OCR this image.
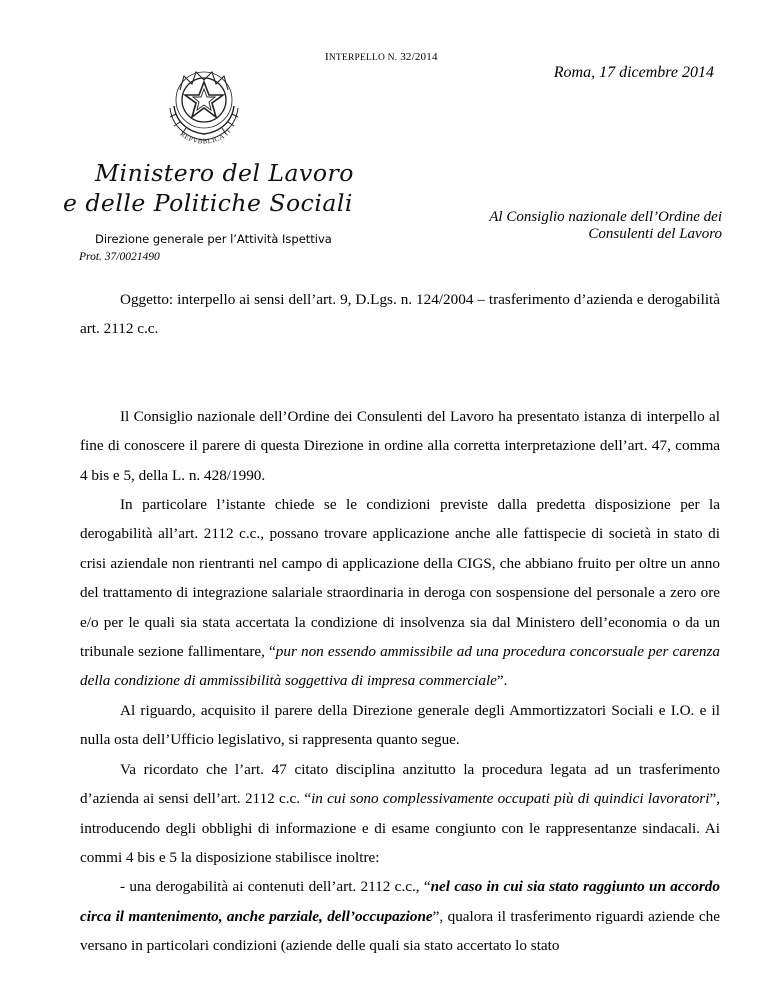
INTERPELLO N. 32/2014
Roma, 17 dicembre 2014
REPVBBLICA IT
Ministero del Lavoro
e delle Politiche Sociali
Direzione generale per l’Attività Ispettiva
Prot. 37/0021490
Al Consiglio nazionale dell’Ordine dei
Consulenti del Lavoro

Oggetto: interpello ai sensi dell’art. 9, D.Lgs. n. 124/2004 – trasferimento d’azienda e derogabilità art. 2112 c.c.

Il Consiglio nazionale dell’Ordine dei Consulenti del Lavoro ha presentato istanza di interpello al fine di conoscere il parere di questa Direzione in ordine alla corretta interpretazione dell’art. 47, comma 4 bis e 5, della L. n. 428/1990.

In particolare l’istante chiede se le condizioni previste dalla predetta disposizione per la derogabilità all’art. 2112 c.c., possano trovare applicazione anche alle fattispecie di società in stato di crisi aziendale non rientranti nel campo di applicazione della CIGS, che abbiano fruito per oltre un anno del trattamento di integrazione salariale straordinaria in deroga con sospensione del personale a zero ore e/o per le quali sia stata accertata la condizione di insolvenza sia dal Ministero dell’economia o da un tribunale sezione fallimentare, “pur non essendo ammissibile ad una procedura concorsuale per carenza della condizione di ammissibilità soggettiva di impresa commerciale”.

Al riguardo, acquisito il parere della Direzione generale degli Ammortizzatori Sociali e I.O. e il nulla osta dell’Ufficio legislativo, si rappresenta quanto segue.

Va ricordato che l’art. 47 citato disciplina anzitutto la procedura legata ad un trasferimento d’azienda ai sensi dell’art. 2112 c.c. “in cui sono complessivamente occupati più di quindici lavoratori”, introducendo degli obblighi di informazione e di esame congiunto con le rappresentanze sindacali. Ai commi 4 bis e 5 la disposizione stabilisce inoltre:

- una derogabilità ai contenuti dell’art. 2112 c.c., “nel caso in cui sia stato raggiunto un accordo circa il mantenimento, anche parziale, dell’occupazione”, qualora il trasferimento riguardi aziende che versano in particolari condizioni (aziende delle quali sia stato accertato lo stato
